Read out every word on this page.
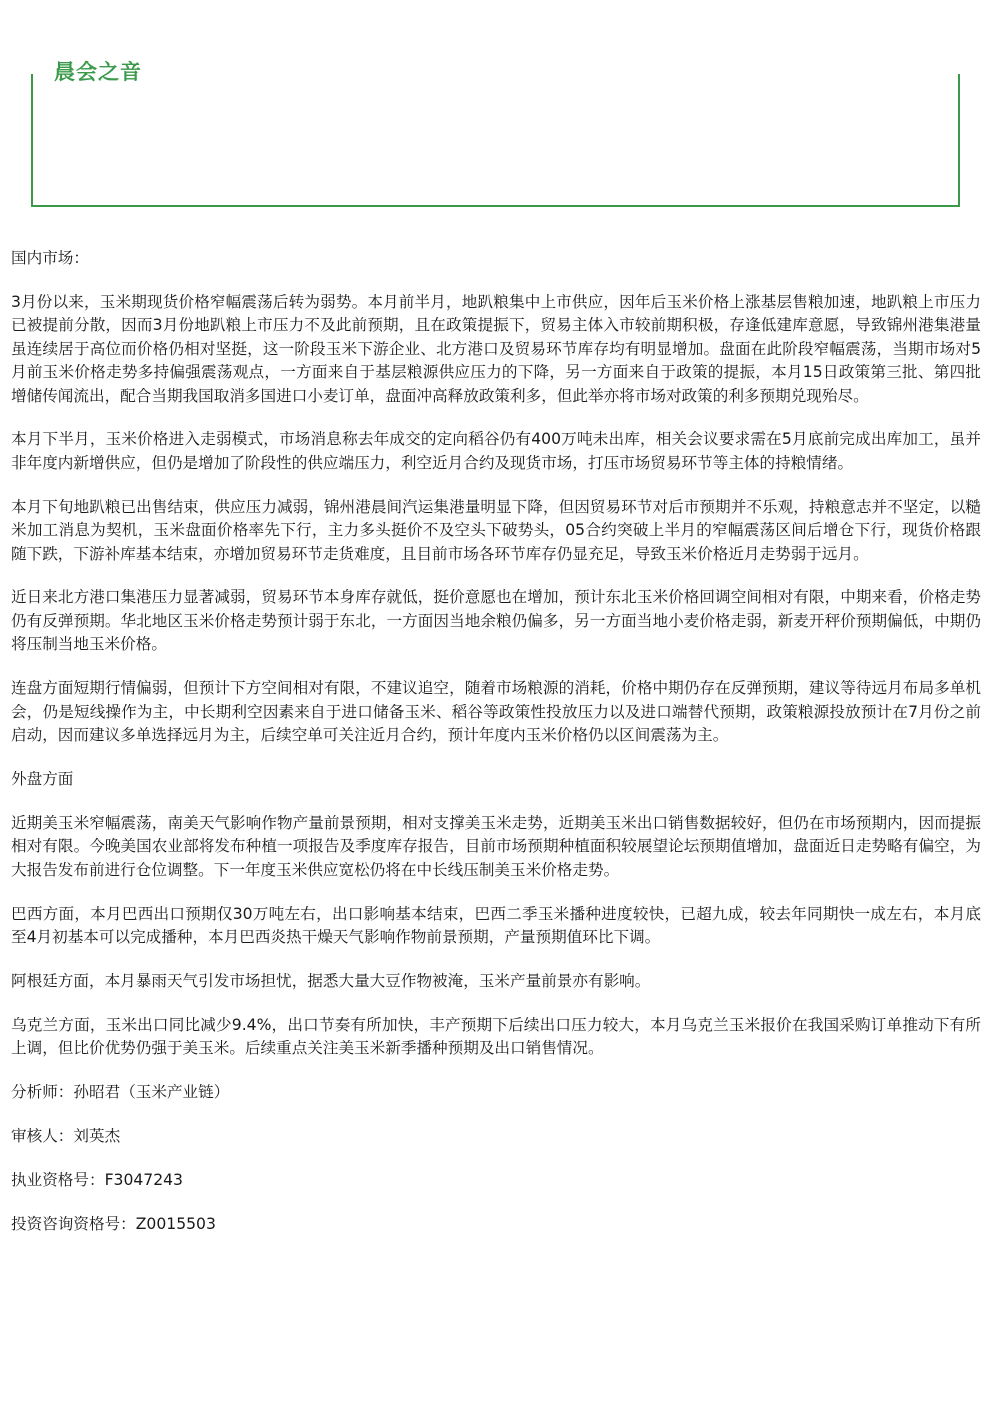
晨会之音

国内市场：

3月份以来，玉米期现货价格窄幅震荡后转为弱势。本月前半月，地趴粮集中上市供应，因年后玉米价格上涨基层售粮加速，地趴粮上市压力已被提前分散，因而3月份地趴粮上市压力不及此前预期，且在政策提振下，贸易主体入市较前期积极，存逢低建库意愿，导致锦州港集港量虽连续居于高位而价格仍相对坚挺，这一阶段玉米下游企业、北方港口及贸易环节库存均有明显增加。盘面在此阶段窄幅震荡，当期市场对5月前玉米价格走势多持偏强震荡观点，一方面来自于基层粮源供应压力的下降，另一方面来自于政策的提振，本月15日政策第三批、第四批增储传闻流出，配合当期我国取消多国进口小麦订单，盘面冲高释放政策利多，但此举亦将市场对政策的利多预期兑现殆尽。

本月下半月，玉米价格进入走弱模式，市场消息称去年成交的定向稻谷仍有400万吨未出库，相关会议要求需在5月底前完成出库加工，虽并非年度内新增供应，但仍是增加了阶段性的供应端压力，利空近月合约及现货市场，打压市场贸易环节等主体的持粮情绪。

本月下旬地趴粮已出售结束，供应压力减弱，锦州港晨间汽运集港量明显下降，但因贸易环节对后市预期并不乐观，持粮意志并不坚定，以糙米加工消息为契机，玉米盘面价格率先下行，主力多头挺价不及空头下破势头，05合约突破上半月的窄幅震荡区间后增仓下行，现货价格跟随下跌，下游补库基本结束，亦增加贸易环节走货难度，且目前市场各环节库存仍显充足，导致玉米价格近月走势弱于远月。

近日来北方港口集港压力显著减弱，贸易环节本身库存就低，挺价意愿也在增加，预计东北玉米价格回调空间相对有限，中期来看，价格走势仍有反弹预期。华北地区玉米价格走势预计弱于东北，一方面因当地余粮仍偏多，另一方面当地小麦价格走弱，新麦开秤价预期偏低，中期仍将压制当地玉米价格。

连盘方面短期行情偏弱，但预计下方空间相对有限，不建议追空，随着市场粮源的消耗，价格中期仍存在反弹预期，建议等待远月布局多单机会，仍是短线操作为主，中长期利空因素来自于进口储备玉米、稻谷等政策性投放压力以及进口端替代预期，政策粮源投放预计在7月份之前启动，因而建议多单选择远月为主，后续空单可关注近月合约，预计年度内玉米价格仍以区间震荡为主。

外盘方面

近期美玉米窄幅震荡，南美天气影响作物产量前景预期，相对支撑美玉米走势，近期美玉米出口销售数据较好，但仍在市场预期内，因而提振相对有限。今晚美国农业部将发布种植一项报告及季度库存报告，目前市场预期种植面积较展望论坛预期值增加，盘面近日走势略有偏空，为大报告发布前进行仓位调整。下一年度玉米供应宽松仍将在中长线压制美玉米价格走势。

巴西方面，本月巴西出口预期仅30万吨左右，出口影响基本结束，巴西二季玉米播种进度较快，已超九成，较去年同期快一成左右，本月底至4月初基本可以完成播种，本月巴西炎热干燥天气影响作物前景预期，产量预期值环比下调。

阿根廷方面，本月暴雨天气引发市场担忧，据悉大量大豆作物被淹，玉米产量前景亦有影响。

乌克兰方面，玉米出口同比减少9.4%，出口节奏有所加快，丰产预期下后续出口压力较大，本月乌克兰玉米报价在我国采购订单推动下有所上调，但比价优势仍强于美玉米。后续重点关注美玉米新季播种预期及出口销售情况。

分析师：孙昭君（玉米产业链）

审核人：刘英杰

执业资格号：F3047243

投资咨询资格号：Z0015503
